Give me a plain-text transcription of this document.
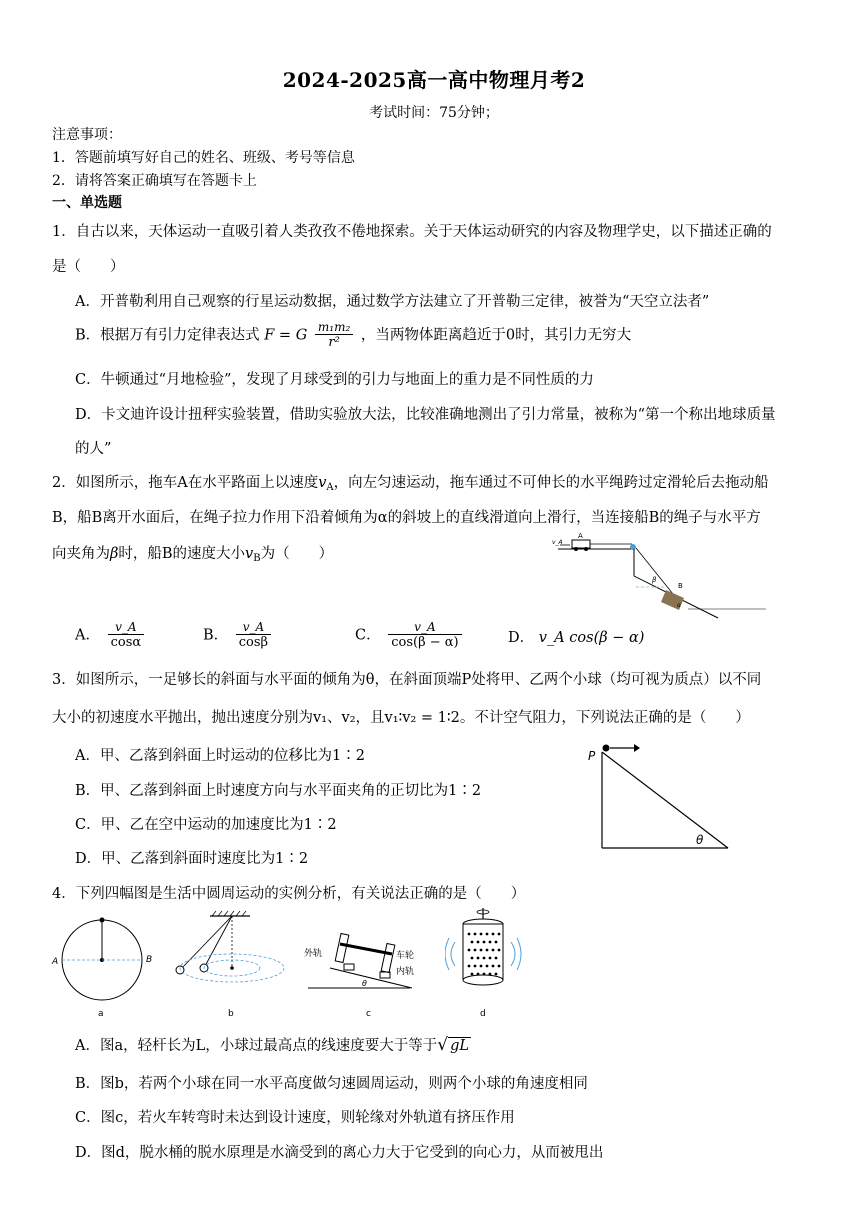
2024-2025高一高中物理月考2
考试时间：75分钟；
注意事项：
1．答题前填写好自己的姓名、班级、考号等信息
2．请将答案正确填写在答题卡上
一、单选题
1．自古以来，天体运动一直吸引着人类孜孜不倦地探索。关于天体运动研究的内容及物理学史，以下描述正确的
是（　　）
A．开普勒利用自己观察的行星运动数据，通过数学方法建立了开普勒三定律，被誉为“天空立法者”
B．根据万有引力定律表达式 F = G $\frac{\text{m₁m₂}}{\text{r²}}$ ，当两物体距离趋近于0时，其引力无穷大
C．牛顿通过“月地检验”，发现了月球受到的引力与地面上的重力是不同性质的力
D．卡文迪许设计扭秤实验装置，借助实验放大法，比较准确地测出了引力常量，被称为“第一个称出地球质量
的人”
2．如图所示，拖车A在水平路面上以速度$v_A$，向左匀速运动，拖车通过不可伸长的水平绳跨过定滑轮后去拖动船
B，船B离开水面后，在绳子拉力作用下沿着倾角为α的斜坡上的直线滑道向上滑行，当连接船B的绳子与水平方
向夹角为β时，船B的速度大小$v_B$为（　　）
A
v_A
B
β
α
A． $\frac{v\_A}{\cos\alpha}$	B． $\frac{v\_A}{\cos\beta}$	C． $\frac{v\_A}{\cos(\beta - \alpha)}$	D． v_A cos(β − α)
3．如图所示，一足够长的斜面与水平面的倾角为θ，在斜面顶端P处将甲、乙两个小球（均可视为质点）以不同
大小的初速度水平抛出，抛出速度分别为v₁、v₂，且v₁∶v₂ = 1∶2。不计空气阻力，下列说法正确的是（　　）
A．甲、乙落到斜面上时运动的位移比为1∶2
B．甲、乙落到斜面上时速度方向与水平面夹角的正切比为1∶2
C．甲、乙在空中运动的加速度比为1∶2
D．甲、乙落到斜面时速度比为1∶2
P
θ
4．下列四幅图是生活中圆周运动的实例分析，有关说法正确的是（　　）
A	B
a	b
外轨	车轮
内轨
θ
c	d
A．图a，轻杆长为L，小球过最高点的线速度要大于等于√ gL
B．图b，若两个小球在同一水平高度做匀速圆周运动，则两个小球的角速度相同
C．图c，若火车转弯时未达到设计速度，则轮缘对外轨道有挤压作用
D．图d，脱水桶的脱水原理是水滴受到的离心力大于它受到的向心力，从而被甩出
